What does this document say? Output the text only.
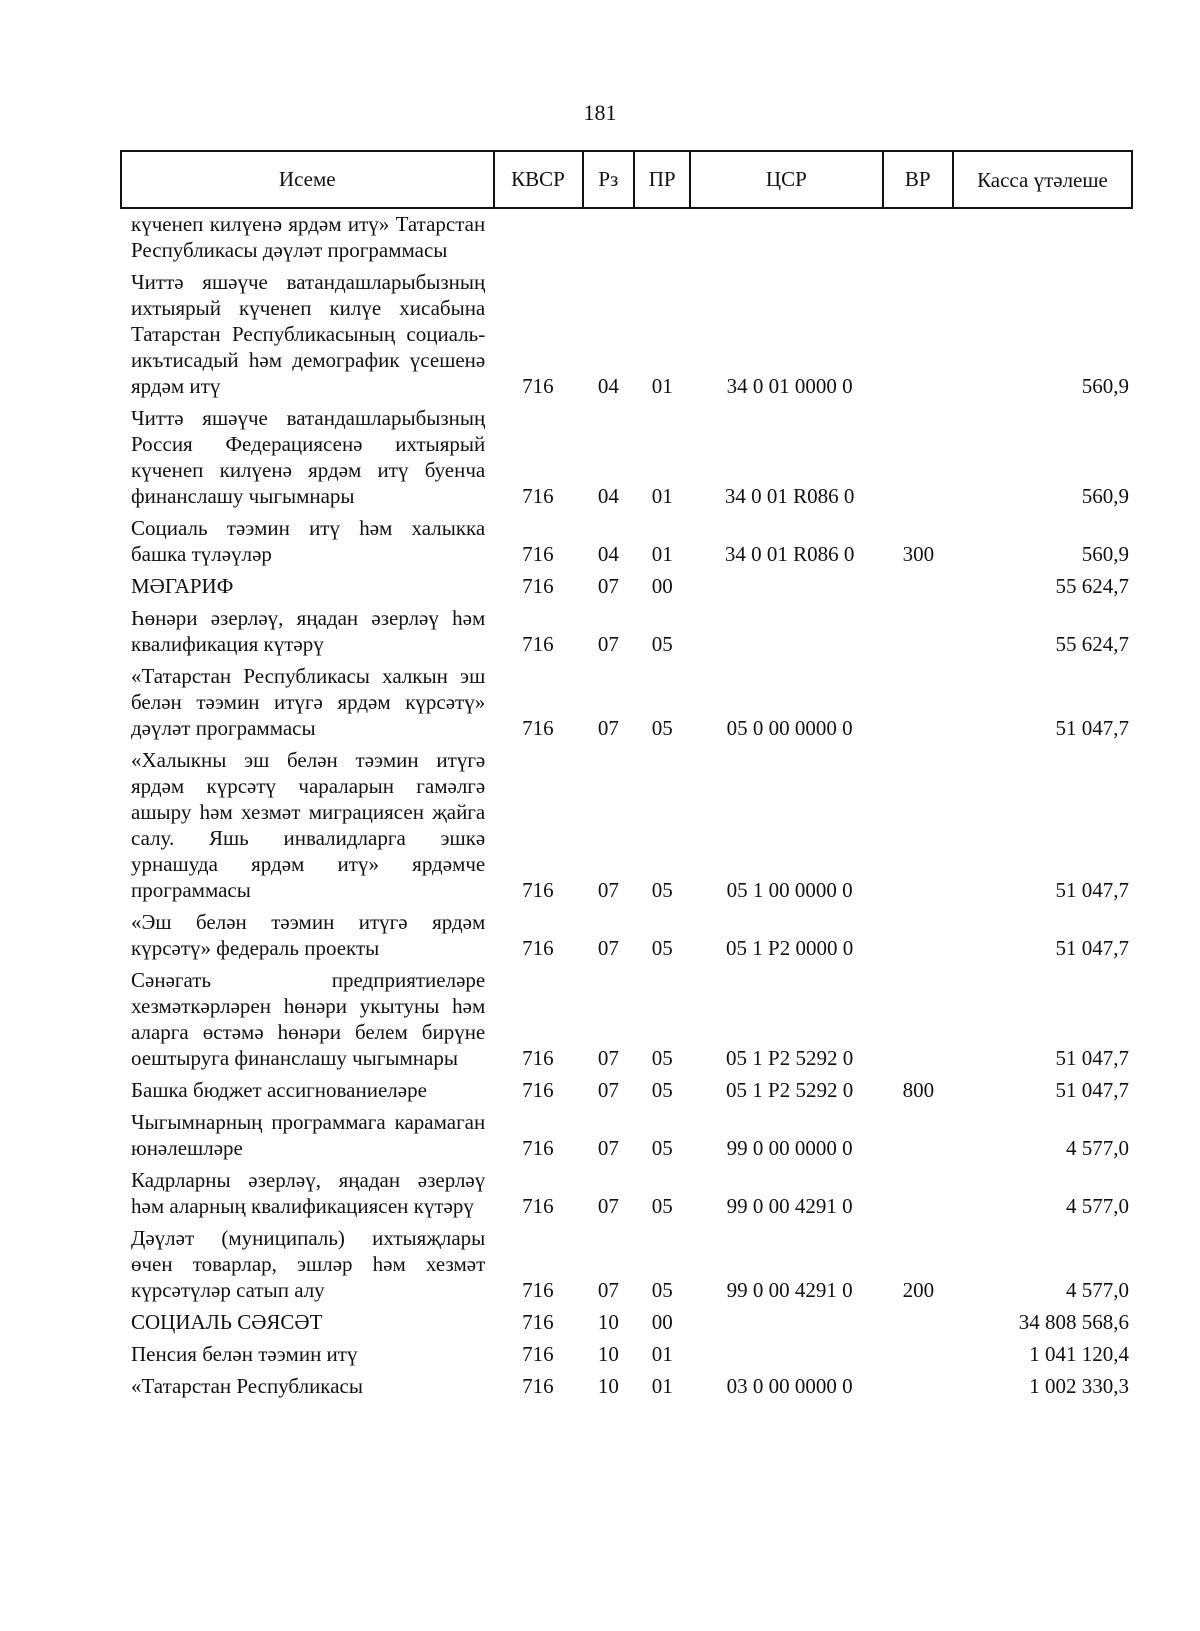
181
Исеме	КВСР	Рз	ПР	ЦСР	ВР	Касса үтәлеше
күченеп килүенә ярдәм итү» Татарстан Республикасы дәүләт программасы						
Читтә яшәүче ватандашларыбызның ихтыярый күченеп килүе хисабына Татарстан Республикасының социаль-икътисадый һәм демографик үсешенә ярдәм итү	716	04	01	34 0 01 0000 0		560,9
Читтә яшәүче ватандашларыбызның Россия Федерациясенә ихтыярый күченеп килүенә ярдәм итү буенча финанслашу чыгымнары	716	04	01	34 0 01 R086 0		560,9
Социаль тәэмин итү һәм халыкка башка түләүләр	716	04	01	34 0 01 R086 0	300	560,9
МӘГАРИФ	716	07	00			55 624,7
Һөнәри әзерләү, яңадан әзерләү һәм квалификация күтәрү	716	07	05			55 624,7
«Татарстан Республикасы халкын эш белән тәэмин итүгә ярдәм күрсәтү» дәүләт программасы	716	07	05	05 0 00 0000 0		51 047,7
«Халыкны эш белән тәэмин итүгә ярдәм күрсәтү чараларын гамәлгә ашыру һәм хезмәт миграциясен җайга салу. Яшь инвалидларга эшкә урнашуда ярдәм итү» ярдәмче программасы	716	07	05	05 1 00 0000 0		51 047,7
«Эш белән тәэмин итүгә ярдәм күрсәтү» федераль проекты	716	07	05	05 1 P2 0000 0		51 047,7
Сәнәгать предприятиеләре хезмәткәрләрен һөнәри укытуны һәм аларга өстәмә һөнәри белем бирүне оештыруга финанслашу чыгымнары	716	07	05	05 1 P2 5292 0		51 047,7
Башка бюджет ассигнованиеләре	716	07	05	05 1 P2 5292 0	800	51 047,7
Чыгымнарның программага карамаган юнәлешләре	716	07	05	99 0 00 0000 0		4 577,0
Кадрларны әзерләү, яңадан әзерләү һәм аларның квалификациясен күтәрү	716	07	05	99 0 00 4291 0		4 577,0
Дәүләт (муниципаль) ихтыяҗлары өчен товарлар, эшләр һәм хезмәт күрсәтүләр сатып алу	716	07	05	99 0 00 4291 0	200	4 577,0
СОЦИАЛЬ СӘЯСӘТ	716	10	00			34 808 568,6
Пенсия белән тәэмин итү	716	10	01			1 041 120,4
«Татарстан Республикасы	716	10	01	03 0 00 0000 0		1 002 330,3
